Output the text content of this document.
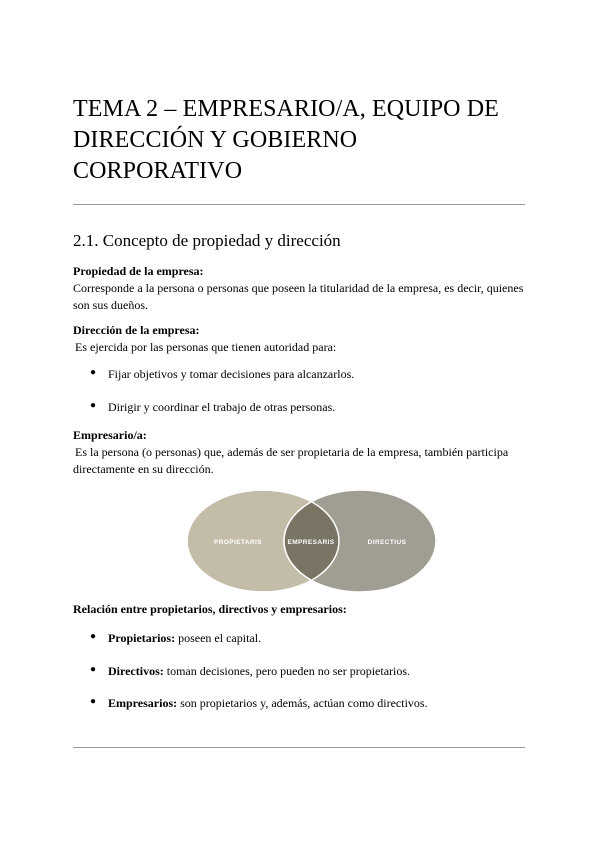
TEMA 2 – EMPRESARIO/A, EQUIPO DE DIRECCIÓN Y GOBIERNO CORPORATIVO
2.1. Concepto de propiedad y dirección
Propiedad de la empresa:
Corresponde a la persona o personas que poseen la titularidad de la empresa, es decir, quienes
son sus dueños.
Dirección de la empresa:
Es ejercida por las personas que tienen autoridad para:
● Fijar objetivos y tomar decisiones para alcanzarlos.
● Dirigir y coordinar el trabajo de otras personas.
Empresario/a:
Es la persona (o personas) que, además de ser propietaria de la empresa, también participa
directamente en su dirección.
PROPIETARIS	EMPRESARIS	DIRECTIUS
Relación entre propietarios, directivos y empresarios:
● Propietarios: poseen el capital.
● Directivos: toman decisiones, pero pueden no ser propietarios.
● Empresarios: son propietarios y, además, actúan como directivos.
